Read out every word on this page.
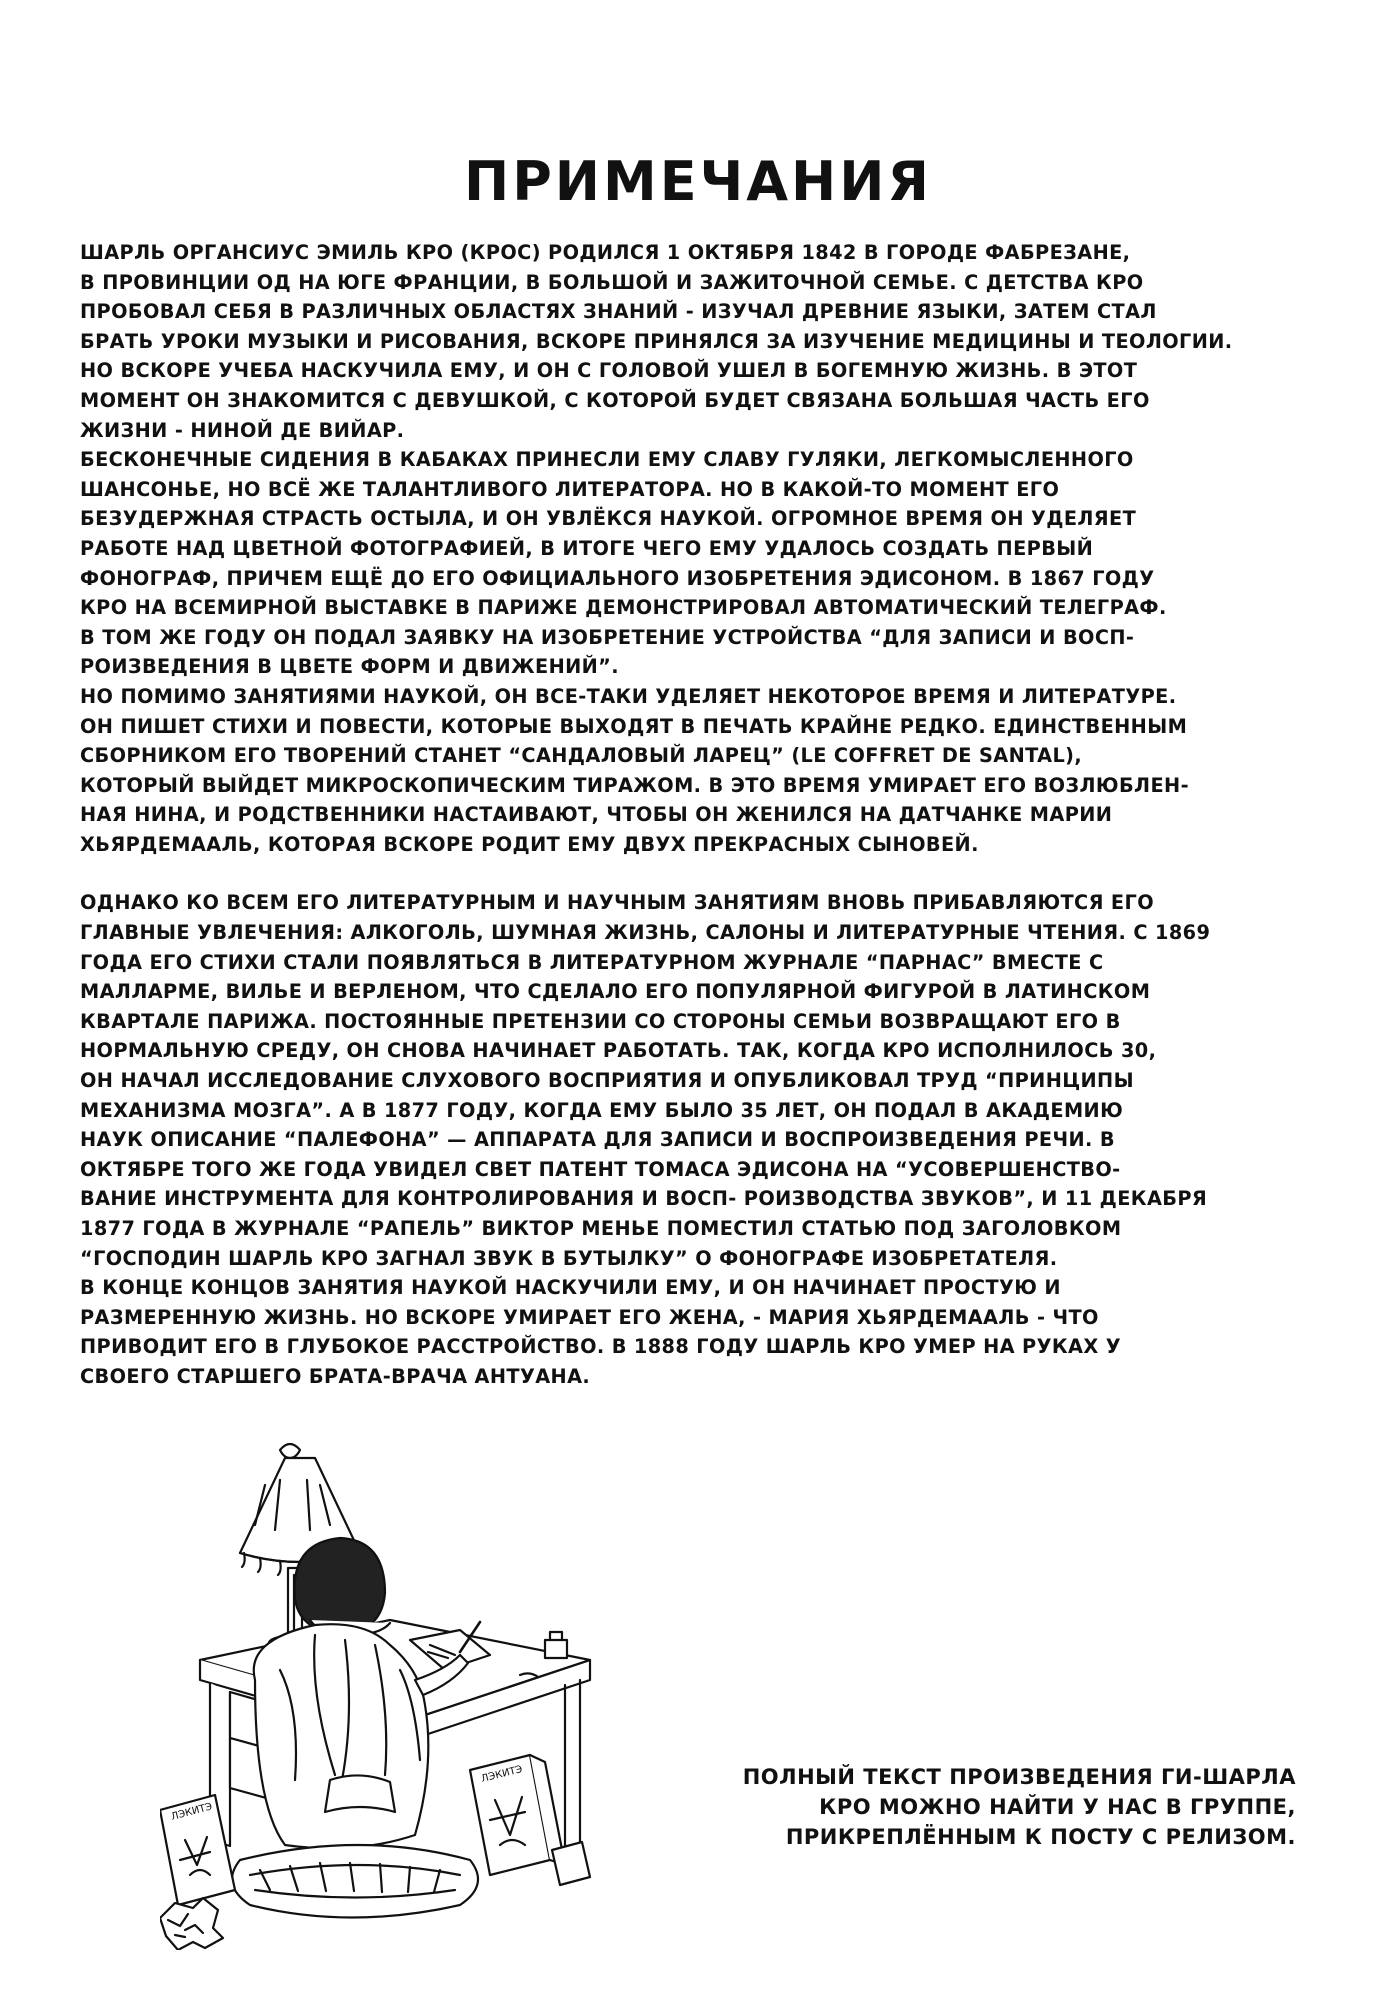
ПРИМЕЧАНИЯ

ШАРЛЬ ОРГАНСИУС ЭМИЛЬ КРО (КРОС) РОДИЛСЯ 1 ОКТЯБРЯ 1842 В ГОРОДЕ ФАБРЕЗАНЕ,

В ПРОВИНЦИИ ОД НА ЮГЕ ФРАНЦИИ, В БОЛЬШОЙ И ЗАЖИТОЧНОЙ СЕМЬЕ. С ДЕТСТВА КРО

ПРОБОВАЛ СЕБЯ В РАЗЛИЧНЫХ ОБЛАСТЯХ ЗНАНИЙ - ИЗУЧАЛ ДРЕВНИЕ ЯЗЫКИ, ЗАТЕМ СТАЛ

БРАТЬ УРОКИ МУЗЫКИ И РИСОВАНИЯ, ВСКОРЕ ПРИНЯЛСЯ ЗА ИЗУЧЕНИЕ МЕДИЦИНЫ И ТЕОЛОГИИ.

НО ВСКОРЕ УЧЕБА НАСКУЧИЛА ЕМУ, И ОН С ГОЛОВОЙ УШЕЛ В БОГЕМНУЮ ЖИЗНЬ. В ЭТОТ

МОМЕНТ ОН ЗНАКОМИТСЯ С ДЕВУШКОЙ, С КОТОРОЙ БУДЕТ СВЯЗАНА БОЛЬШАЯ ЧАСТЬ ЕГО

ЖИЗНИ - НИНОЙ ДЕ ВИЙАР.

БЕСКОНЕЧНЫЕ СИДЕНИЯ В КАБАКАХ ПРИНЕСЛИ ЕМУ СЛАВУ ГУЛЯКИ, ЛЕГКОМЫСЛЕННОГО

ШАНСОНЬЕ, НО ВСЁ ЖЕ ТАЛАНТЛИВОГО ЛИТЕРАТОРА. НО В КАКОЙ-ТО МОМЕНТ ЕГО

БЕЗУДЕРЖНАЯ СТРАСТЬ ОСТЫЛА, И ОН УВЛЁКСЯ НАУКОЙ. ОГРОМНОЕ ВРЕМЯ ОН УДЕЛЯЕТ

РАБОТЕ НАД ЦВЕТНОЙ ФОТОГРАФИЕЙ, В ИТОГЕ ЧЕГО ЕМУ УДАЛОСЬ СОЗДАТЬ ПЕРВЫЙ

ФОНОГРАФ, ПРИЧЕМ ЕЩЁ ДО ЕГО ОФИЦИАЛЬНОГО ИЗОБРЕТЕНИЯ ЭДИСОНОМ. В 1867 ГОДУ

КРО НА ВСЕМИРНОЙ ВЫСТАВКЕ В ПАРИЖЕ ДЕМОНСТРИРОВАЛ АВТОМАТИЧЕСКИЙ ТЕЛЕГРАФ.

В ТОМ ЖЕ ГОДУ ОН ПОДАЛ ЗАЯВКУ НА ИЗОБРЕТЕНИЕ УСТРОЙСТВА “ДЛЯ ЗАПИСИ И ВОСП-

РОИЗВЕДЕНИЯ В ЦВЕТЕ ФОРМ И ДВИЖЕНИЙ”.

НО ПОМИМО ЗАНЯТИЯМИ НАУКОЙ, ОН ВСЕ-ТАКИ УДЕЛЯЕТ НЕКОТОРОЕ ВРЕМЯ И ЛИТЕРАТУРЕ.

ОН ПИШЕТ СТИХИ И ПОВЕСТИ, КОТОРЫЕ ВЫХОДЯТ В ПЕЧАТЬ КРАЙНЕ РЕДКО. ЕДИНСТВЕННЫМ

СБОРНИКОМ ЕГО ТВОРЕНИЙ СТАНЕТ “САНДАЛОВЫЙ ЛАРЕЦ” (LE COFFRET DE SANTAL),

КОТОРЫЙ ВЫЙДЕТ МИКРОСКОПИЧЕСКИМ ТИРАЖОМ. В ЭТО ВРЕМЯ УМИРАЕТ ЕГО ВОЗЛЮБЛЕН-

НАЯ НИНА, И РОДСТВЕННИКИ НАСТАИВАЮТ, ЧТОБЫ ОН ЖЕНИЛСЯ НА ДАТЧАНКЕ МАРИИ

ХЬЯРДЕМААЛЬ, КОТОРАЯ ВСКОРЕ РОДИТ ЕМУ ДВУХ ПРЕКРАСНЫХ СЫНОВЕЙ.

ОДНАКО КО ВСЕМ ЕГО ЛИТЕРАТУРНЫМ И НАУЧНЫМ ЗАНЯТИЯМ ВНОВЬ ПРИБАВЛЯЮТСЯ ЕГО

ГЛАВНЫЕ УВЛЕЧЕНИЯ: АЛКОГОЛЬ, ШУМНАЯ ЖИЗНЬ, САЛОНЫ И ЛИТЕРАТУРНЫЕ ЧТЕНИЯ. С 1869

ГОДА ЕГО СТИХИ СТАЛИ ПОЯВЛЯТЬСЯ В ЛИТЕРАТУРНОМ ЖУРНАЛЕ “ПАРНАС” ВМЕСТЕ С

МАЛЛАРМЕ, ВИЛЬЕ И ВЕРЛЕНОМ, ЧТО СДЕЛАЛО ЕГО ПОПУЛЯРНОЙ ФИГУРОЙ В ЛАТИНСКОМ

КВАРТАЛЕ ПАРИЖА. ПОСТОЯННЫЕ ПРЕТЕНЗИИ СО СТОРОНЫ СЕМЬИ ВОЗВРАЩАЮТ ЕГО В

НОРМАЛЬНУЮ СРЕДУ, ОН СНОВА НАЧИНАЕТ РАБОТАТЬ. ТАК, КОГДА КРО ИСПОЛНИЛОСЬ 30,

ОН НАЧАЛ ИССЛЕДОВАНИЕ СЛУХОВОГО ВОСПРИЯТИЯ И ОПУБЛИКОВАЛ ТРУД “ПРИНЦИПЫ

МЕХАНИЗМА МОЗГА”. А В 1877 ГОДУ, КОГДА ЕМУ БЫЛО 35 ЛЕТ, ОН ПОДАЛ В АКАДЕМИЮ

НАУК ОПИСАНИЕ “ПАЛЕФОНА” — АППАРАТА ДЛЯ ЗАПИСИ И ВОСПРОИЗВЕДЕНИЯ РЕЧИ. В

ОКТЯБРЕ ТОГО ЖЕ ГОДА УВИДЕЛ СВЕТ ПАТЕНТ ТОМАСА ЭДИСОНА НА “УСОВЕРШЕНСТВО-

ВАНИЕ ИНСТРУМЕНТА ДЛЯ КОНТРОЛИРОВАНИЯ И ВОСП- РОИЗВОДСТВА ЗВУКОВ”, И 11 ДЕКАБРЯ

1877 ГОДА В ЖУРНАЛЕ “РАПЕЛЬ” ВИКТОР МЕНЬЕ ПОМЕСТИЛ СТАТЬЮ ПОД ЗАГОЛОВКОМ

“ГОСПОДИН ШАРЛЬ КРО ЗАГНАЛ ЗВУК В БУТЫЛКУ” О ФОНОГРАФЕ ИЗОБРЕТАТЕЛЯ.

В КОНЦЕ КОНЦОВ ЗАНЯТИЯ НАУКОЙ НАСКУЧИЛИ ЕМУ, И ОН НАЧИНАЕТ ПРОСТУЮ И

РАЗМЕРЕННУЮ ЖИЗНЬ. НО ВСКОРЕ УМИРАЕТ ЕГО ЖЕНА, - МАРИЯ ХЬЯРДЕМААЛЬ - ЧТО

ПРИВОДИТ ЕГО В ГЛУБОКОЕ РАССТРОЙСТВО. В 1888 ГОДУ ШАРЛЬ КРО УМЕР НА РУКАХ У

СВОЕГО СТАРШЕГО БРАТА-ВРАЧА АНТУАНА.

ЛЭКИТЭ
ЛЭКИТЭ	ПОЛНЫЙ ТЕКСТ ПРОИЗВЕДЕНИЯ ГИ-ШАРЛА

КРО МОЖНО НАЙТИ У НАС В ГРУППЕ,

ПРИКРЕПЛЁННЫМ К ПОСТУ С РЕЛИЗОМ.
